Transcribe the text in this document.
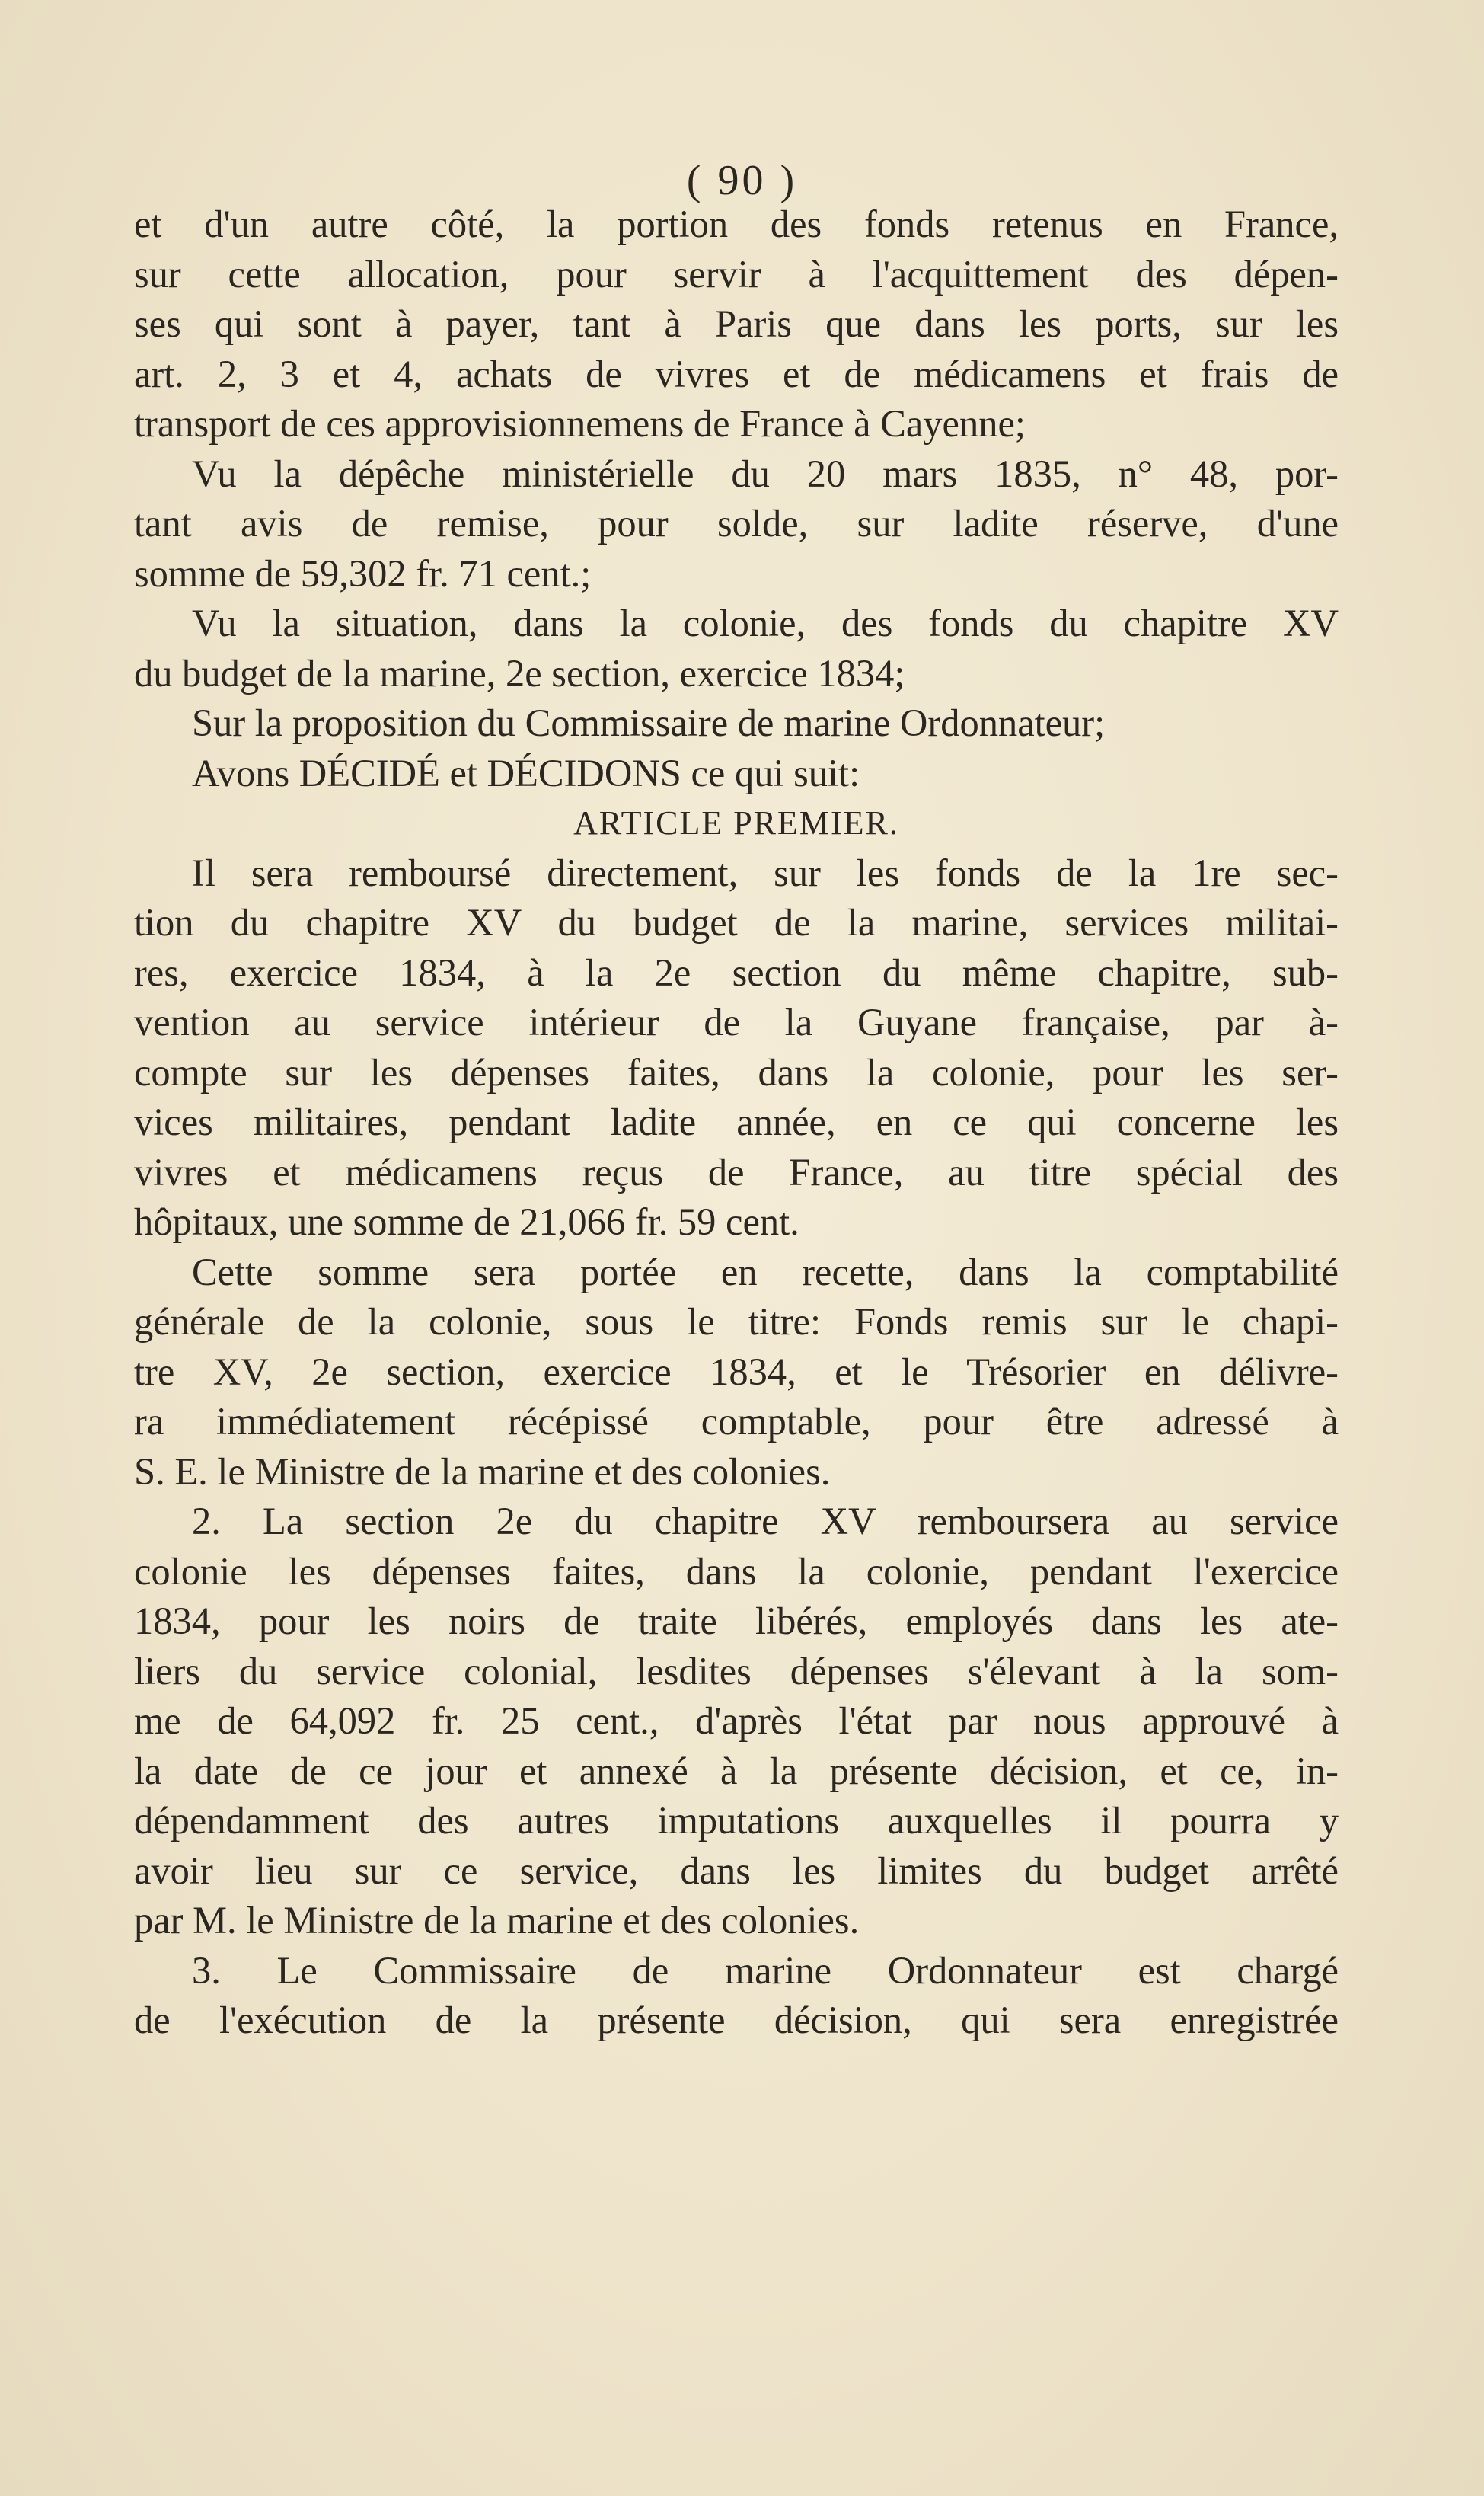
( 90 )
et d'un autre côté, la portion des fonds retenus en France,
sur cette allocation, pour servir à l'acquittement des dépen-
ses qui sont à payer, tant à Paris que dans les ports, sur les
art. 2, 3 et 4, achats de vivres et de médicamens et frais de
transport de ces approvisionnemens de France à Cayenne;
Vu la dépêche ministérielle du 20 mars 1835, n° 48, por-
tant avis de remise, pour solde, sur ladite réserve, d'une
somme de 59,302 fr. 71 cent.;
Vu la situation, dans la colonie, des fonds du chapitre XV
du budget de la marine, 2e section, exercice 1834;
Sur la proposition du Commissaire de marine Ordonnateur;
Avons DÉCIDÉ et DÉCIDONS ce qui suit:
ARTICLE PREMIER.
Il sera remboursé directement, sur les fonds de la 1re sec-
tion du chapitre XV du budget de la marine, services militai-
res, exercice 1834, à la 2e section du même chapitre, sub-
vention au service intérieur de la Guyane française, par à-
compte sur les dépenses faites, dans la colonie, pour les ser-
vices militaires, pendant ladite année, en ce qui concerne les
vivres et médicamens reçus de France, au titre spécial des
hôpitaux, une somme de 21,066 fr. 59 cent.
Cette somme sera portée en recette, dans la comptabilité
générale de la colonie, sous le titre: Fonds remis sur le chapi-
tre XV, 2e section, exercice 1834, et le Trésorier en délivre-
ra immédiatement récépissé comptable, pour être adressé à
S. E. le Ministre de la marine et des colonies.
2. La section 2e du chapitre XV remboursera au service
colonie les dépenses faites, dans la colonie, pendant l'exercice
1834, pour les noirs de traite libérés, employés dans les ate-
liers du service colonial, lesdites dépenses s'élevant à la som-
me de 64,092 fr. 25 cent., d'après l'état par nous approuvé à
la date de ce jour et annexé à la présente décision, et ce, in-
dépendamment des autres imputations auxquelles il pourra y
avoir lieu sur ce service, dans les limites du budget arrêté
par M. le Ministre de la marine et des colonies.
3. Le Commissaire de marine Ordonnateur est chargé
de l'exécution de la présente décision, qui sera enregistrée
